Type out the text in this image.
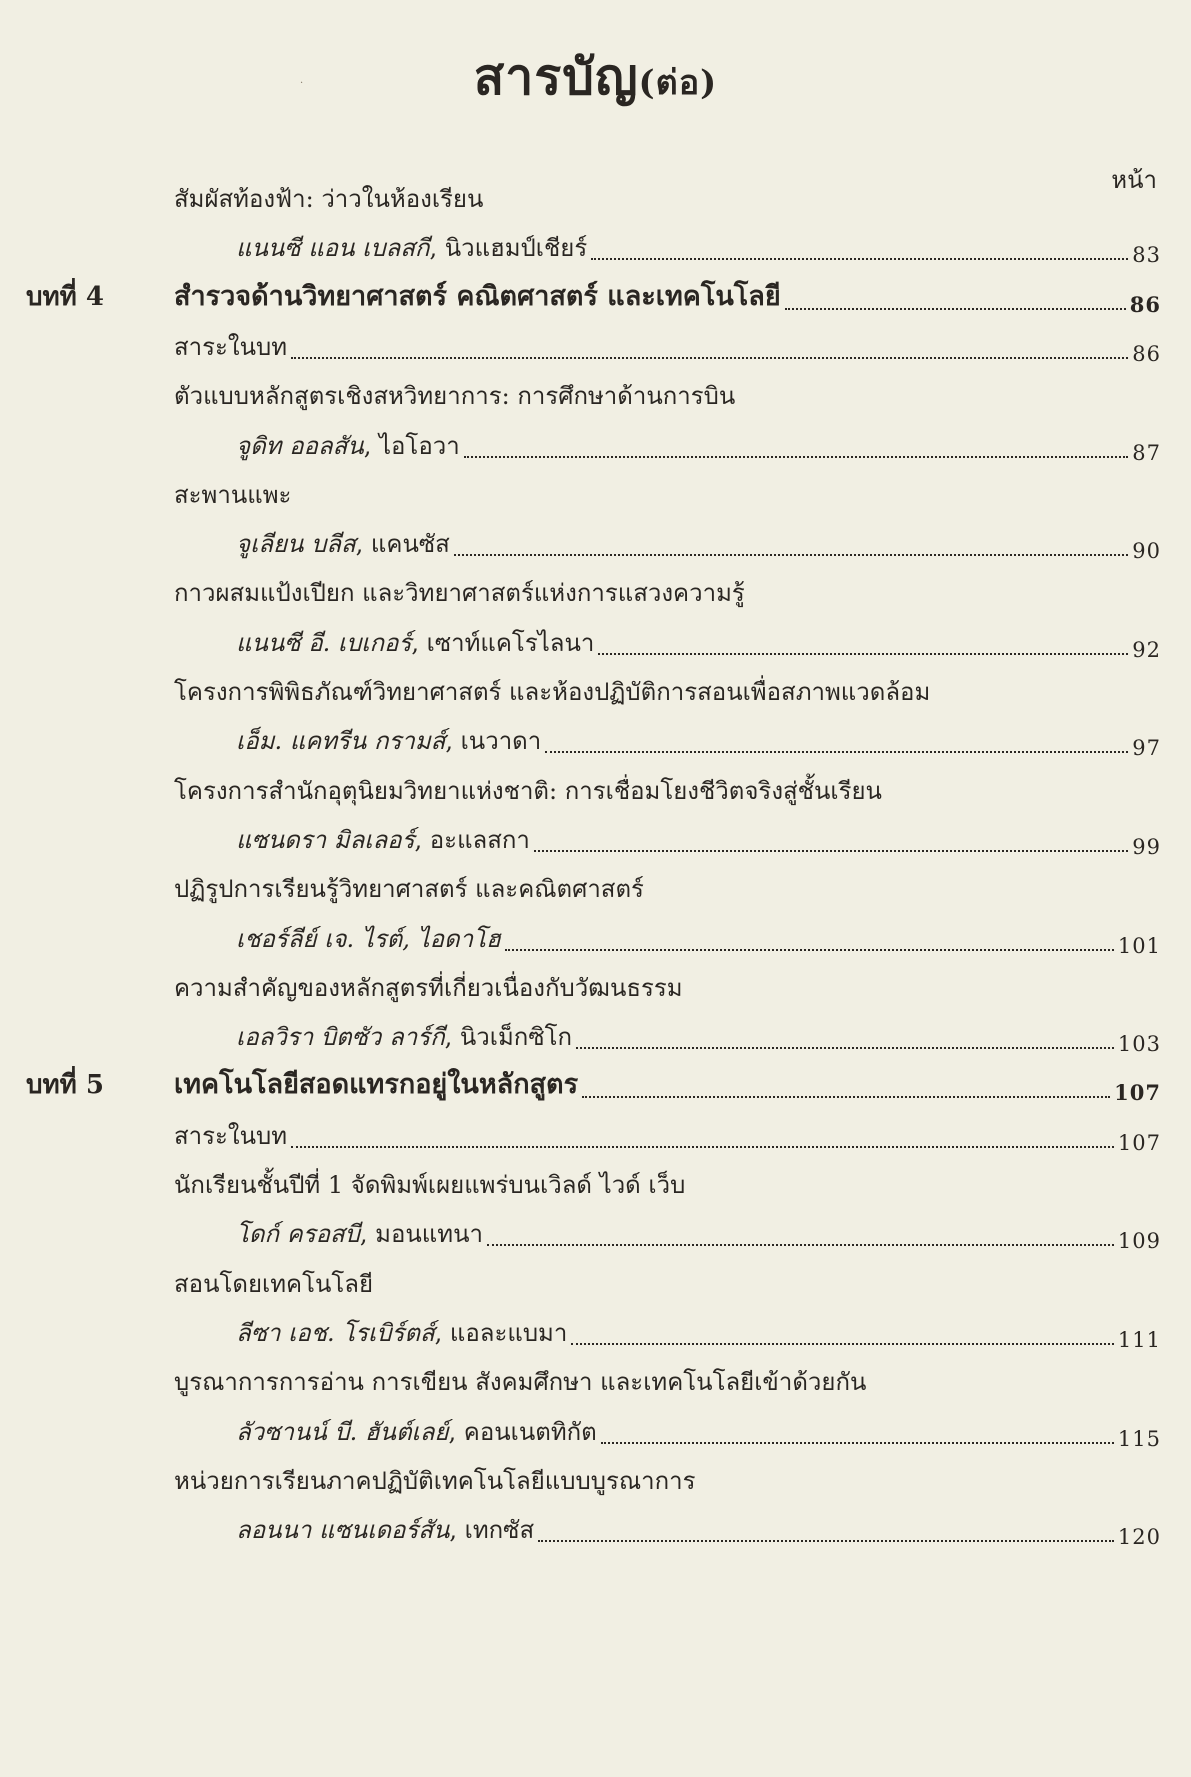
สารบัญ(ต่อ)
·
หน้า
สัมผัสท้องฟ้า: ว่าวในห้องเรียน
แนนซี แอน เบลสกี, นิวแฮมป์เชียร์	83
บทที่ 4	สำรวจด้านวิทยาศาสตร์ คณิตศาสตร์ และเทคโนโลยี	86
สาระในบท	86
ตัวแบบหลักสูตรเชิงสหวิทยาการ: การศึกษาด้านการบิน
จูดิท ออลสัน, ไอโอวา	87
สะพานแพะ
จูเลียน บลีส, แคนซัส	90
กาวผสมแป้งเปียก และวิทยาศาสตร์แห่งการแสวงความรู้
แนนซี อี. เบเกอร์, เซาท์แคโรไลนา	92
โครงการพิพิธภัณฑ์วิทยาศาสตร์ และห้องปฏิบัติการสอนเพื่อสภาพแวดล้อม
เอ็ม. แคทรีน กรามส์, เนวาดา	97
โครงการสำนักอุตุนิยมวิทยาแห่งชาติ: การเชื่อมโยงชีวิตจริงสู่ชั้นเรียน
แซนดรา มิลเลอร์, อะแลสกา	99
ปฏิรูปการเรียนรู้วิทยาศาสตร์ และคณิตศาสตร์
เชอร์ลีย์ เจ. ไรต์, ไอดาโฮ	101
ความสำคัญของหลักสูตรที่เกี่ยวเนื่องกับวัฒนธรรม
เอลวิรา บิตซัว ลาร์กี, นิวเม็กซิโก	103
บทที่ 5	เทคโนโลยีสอดแทรกอยู่ในหลักสูตร	107
สาระในบท	107
นักเรียนชั้นปีที่ 1 จัดพิมพ์เผยแพร่บนเวิลด์ ไวด์ เว็บ
โดก์ ครอสบี, มอนแทนา	109
สอนโดยเทคโนโลยี
ลีซา เอช. โรเบิร์ตส์, แอละแบมา	111
บูรณาการการอ่าน การเขียน สังคมศึกษา และเทคโนโลยีเข้าด้วยกัน
ลัวซานน์ บี. ฮันต์เลย์, คอนเนตทิกัต	115
หน่วยการเรียนภาคปฏิบัติเทคโนโลยีแบบบูรณาการ
ลอนนา แซนเดอร์สัน, เทกซัส	120
